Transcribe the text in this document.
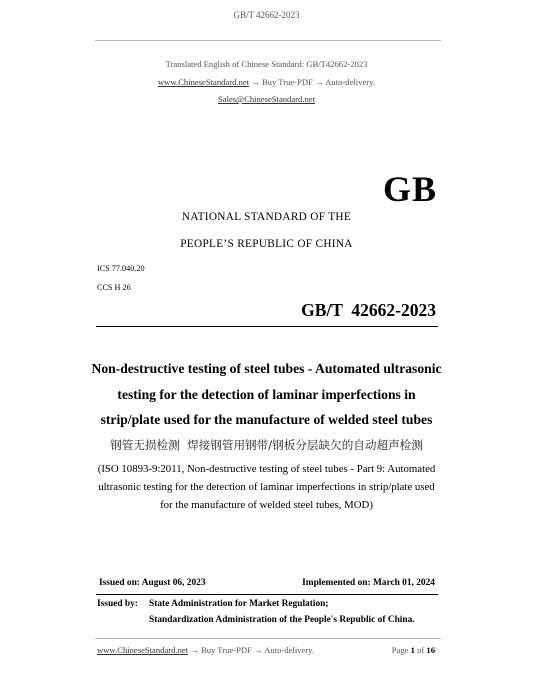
GB/T 42662-2023
Translated English of Chinese Standard: GB/T42662-2023
www.ChineseStandard.net → Buy True-PDF → Auto-delivery.
Sales@ChineseStandard.net
GB
NATIONAL STANDARD OF THE
PEOPLE’S REPUBLIC OF CHINA
ICS 77.040.20
CCS H 26
GB/T  42662-2023
Non-destructive testing of steel tubes - Automated ultrasonic
testing for the detection of laminar imperfections in
strip/plate used for the manufacture of welded steel tubes
钢管无损检测  焊接钢管用钢带/钢板分层缺欠的自动超声检测
(ISO 10893-9:2011, Non-destructive testing of steel tubes - Part 9: Automated
ultrasonic testing for the detection of laminar imperfections in strip/plate used
for the manufacture of welded steel tubes, MOD)
Issued on: August 06, 2023	Implemented on: March 01, 2024
Issued by: State Administration for Market Regulation;
Standardization Administration of the People's Republic of China.
www.ChineseStandard.net → Buy True-PDF → Auto-delivery.	Page 1 of 16
